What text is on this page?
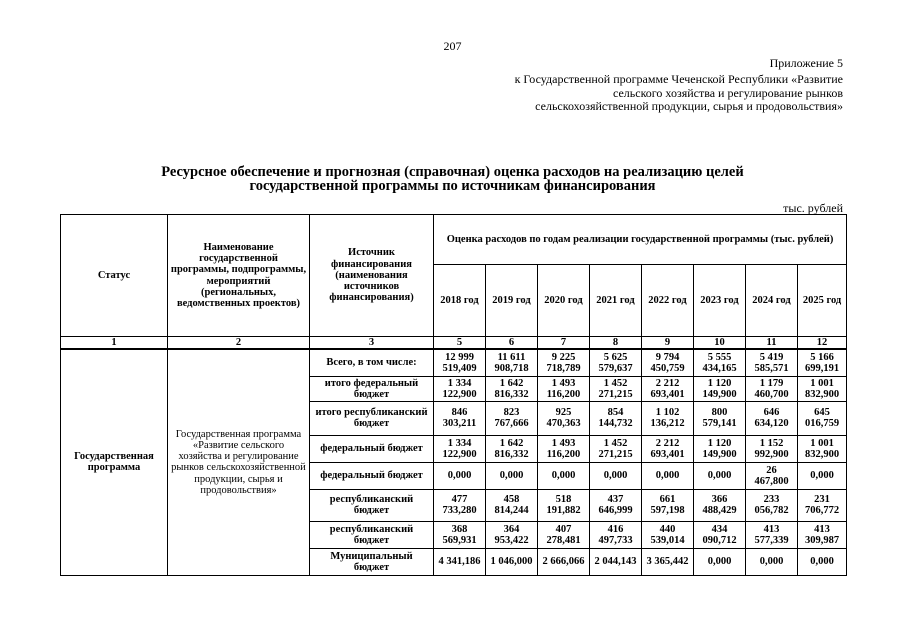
207
Приложение 5
к Государственной программе Чеченской Республики «Развитие сельского хозяйства и регулирование рынков сельскохозяйственной продукции, сырья и продовольствия»
Ресурсное обеспечение и прогнозная (справочная) оценка расходов на реализацию целей государственной программы по источникам финансирования
тыс. рублей
Статус	Наименование государственной программы, подпрограммы, мероприятий (региональных, ведомственных проектов)	Источник финансирования (наименования источников финансирования)	Оценка расходов по годам реализации государственной программы (тыс. рублей)							
			2018 год	2019 год	2020 год	2021 год	2022 год	2023 год	2024 год	2025 год
1	2	3	5	6	7	8	9	10	11	12
Государственная программа	Государственная программа «Развитие сельского хозяйства и регулирование рынков сельскохозяйственной продукции, сырья и продовольствия»	Всего, в том числе:	12 999 519,409	11 611 908,718	9 225 718,789	5 625 579,637	9 794 450,759	5 555 434,165	5 419 585,571	5 166 699,191
		итого федеральный бюджет	1 334 122,900	1 642 816,332	1 493 116,200	1 452 271,215	2 212 693,401	1 120 149,900	1 179 460,700	1 001 832,900
		итого республиканский бюджет	846 303,211	823 767,666	925 470,363	854 144,732	1 102 136,212	800 579,141	646 634,120	645 016,759
		федеральный бюджет	1 334 122,900	1 642 816,332	1 493 116,200	1 452 271,215	2 212 693,401	1 120 149,900	1 152 992,900	1 001 832,900
		федеральный бюджет	0,000	0,000	0,000	0,000	0,000	0,000	26 467,800	0,000
		республиканский бюджет	477 733,280	458 814,244	518 191,882	437 646,999	661 597,198	366 488,429	233 056,782	231 706,772
		республиканский бюджет	368 569,931	364 953,422	407 278,481	416 497,733	440 539,014	434 090,712	413 577,339	413 309,987
		Муниципальный бюджет	4 341,186	1 046,000	2 666,066	2 044,143	3 365,442	0,000	0,000	0,000
